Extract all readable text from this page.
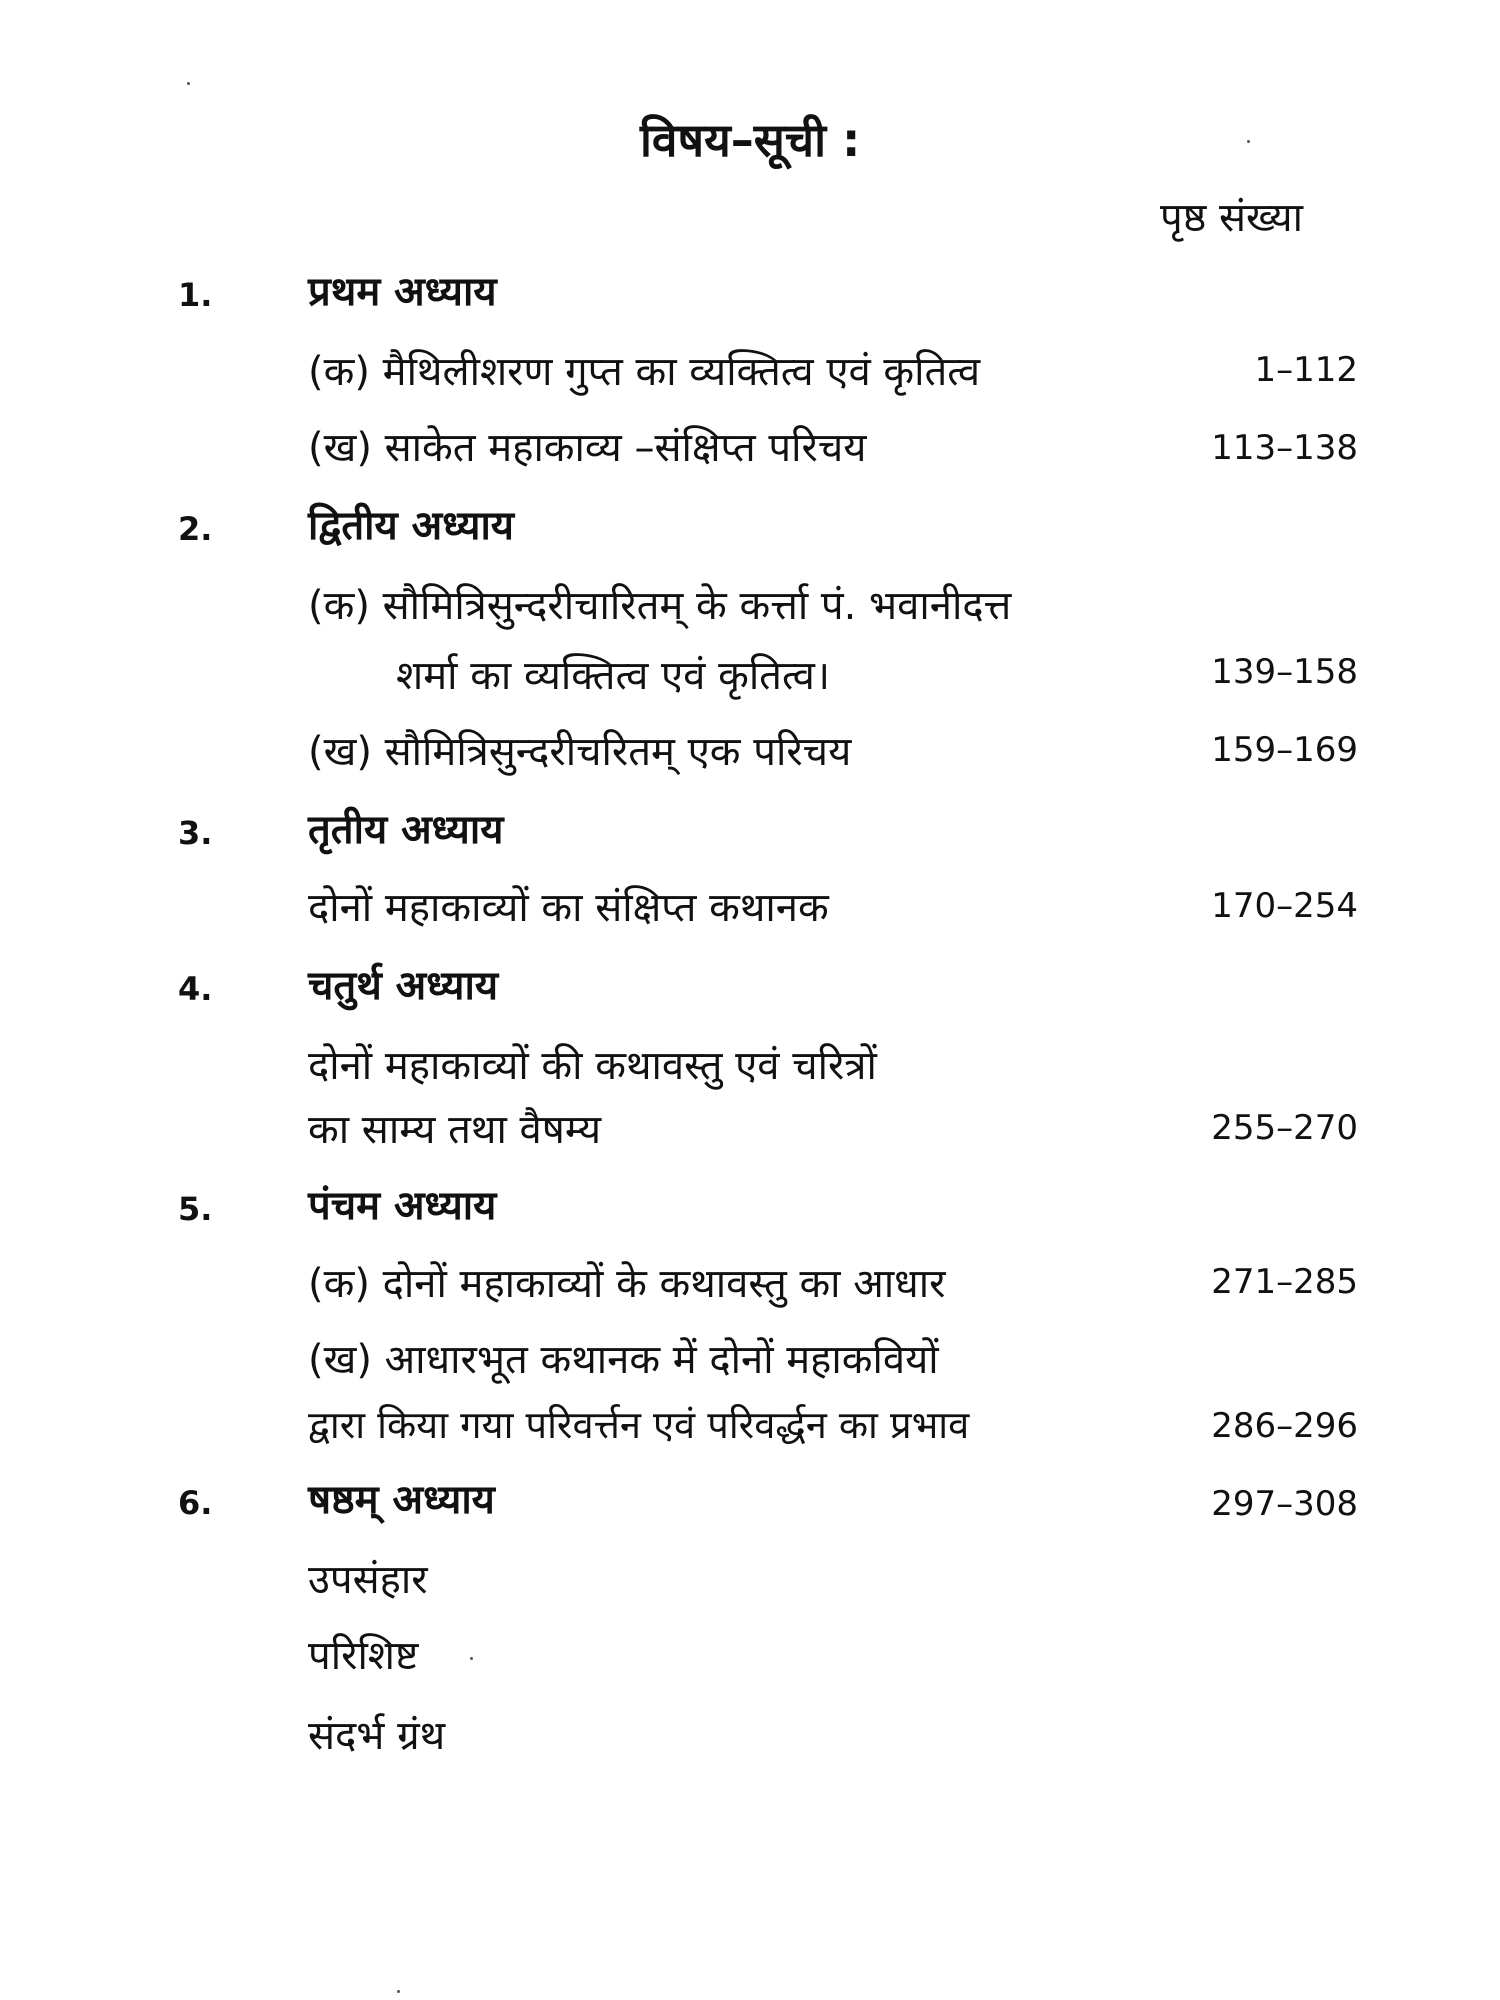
विषय–सूची :
पृष्ठ संख्या
1. प्रथम अध्याय
(क) मैथिलीशरण गुप्त का व्यक्तित्व एवं कृतित्व	1–112
(ख) साकेत महाकाव्य –संक्षिप्त परिचय	113–138
2. द्वितीय अध्याय
(क) सौमित्रिसुन्दरीचारितम् के कर्त्ता पं. भवानीदत्त
शर्मा का व्यक्तित्व एवं कृतित्व।	139–158
(ख) सौमित्रिसुन्दरीचरितम् एक परिचय	159–169
3. तृतीय अध्याय
दोनों महाकाव्यों का संक्षिप्त कथानक	170–254
4. चतुर्थ अध्याय
दोनों महाकाव्यों की कथावस्तु एवं चरित्रों
का साम्य तथा वैषम्य	255–270
5. पंचम अध्याय
(क) दोनों महाकाव्यों के कथावस्तु का आधार	271–285
(ख) आधारभूत कथानक में दोनों महाकवियों
द्वारा किया गया परिवर्त्तन एवं परिवर्द्धन का प्रभाव	286–296
6. षष्ठम् अध्याय	297–308
उपसंहार
परिशिष्ट
संदर्भ ग्रंथ
